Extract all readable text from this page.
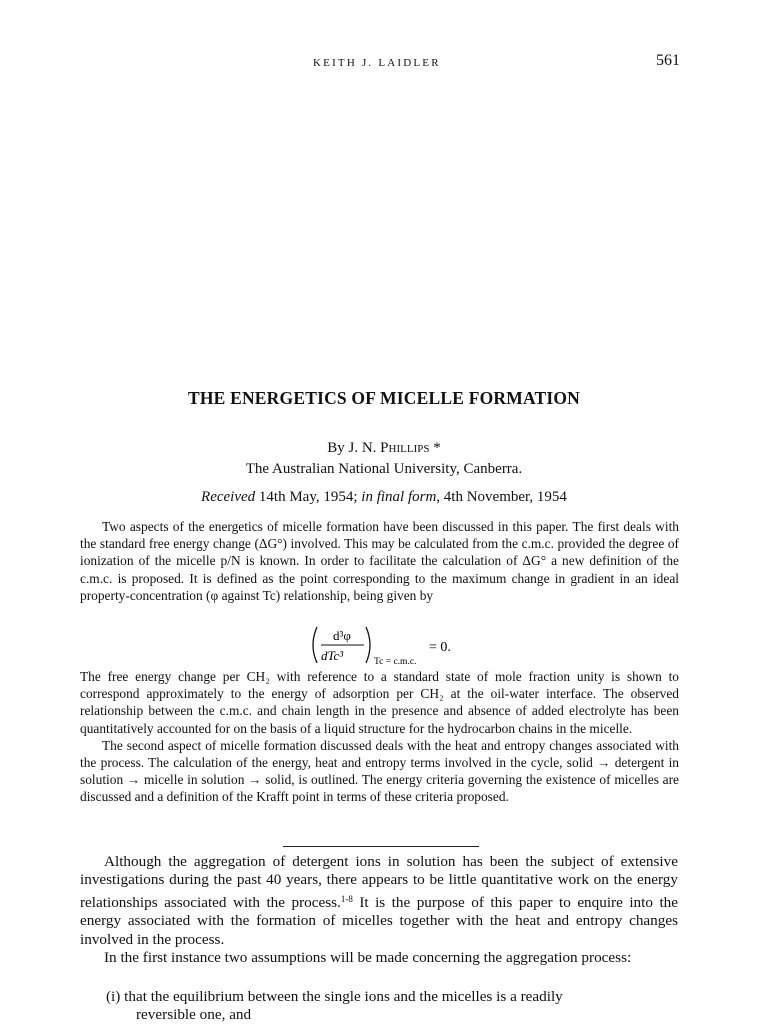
KEITH J. LAIDLER	561
THE ENERGETICS OF MICELLE FORMATION
By J. N. Phillips *
The Australian National University, Canberra.
Received 14th May, 1954; in final form, 4th November, 1954

Two aspects of the energetics of micelle formation have been discussed in this paper. The first deals with the standard free energy change (ΔG°) involved. This may be calculated from the c.m.c. provided the degree of ionization of the micelle p/N is known. In order to facilitate the calculation of ΔG° a new definition of the c.m.c. is proposed. It is defined as the point corresponding to the maximum change in gradient in an ideal property-concentration (φ against Tc) relationship, being given by

d³φ
dTc³	Tc = c.m.c.
= 0.

The free energy change per CH₂ with reference to a standard state of mole fraction unity is shown to correspond approximately to the energy of adsorption per CH₂ at the oil-water interface. The observed relationship between the c.m.c. and chain length in the presence and absence of added electrolyte has been quantitatively accounted for on the basis of a liquid structure for the hydrocarbon chains in the micelle.

The second aspect of micelle formation discussed deals with the heat and entropy changes associated with the process. The calculation of the energy, heat and entropy terms involved in the cycle, solid → detergent in solution → micelle in solution → solid, is outlined. The energy criteria governing the existence of micelles are discussed and a definition of the Krafft point in terms of these criteria proposed.

Although the aggregation of detergent ions in solution has been the subject of extensive investigations during the past 40 years, there appears to be little quantitative work on the energy relationships associated with the process.$^{1-8}$ It is the purpose of this paper to enquire into the energy associated with the formation of micelles together with the heat and entropy changes involved in the process.

In the first instance two assumptions will be made concerning the aggregation process:

(i) that the equilibrium between the single ions and the micelles is a readily
reversible one, and
